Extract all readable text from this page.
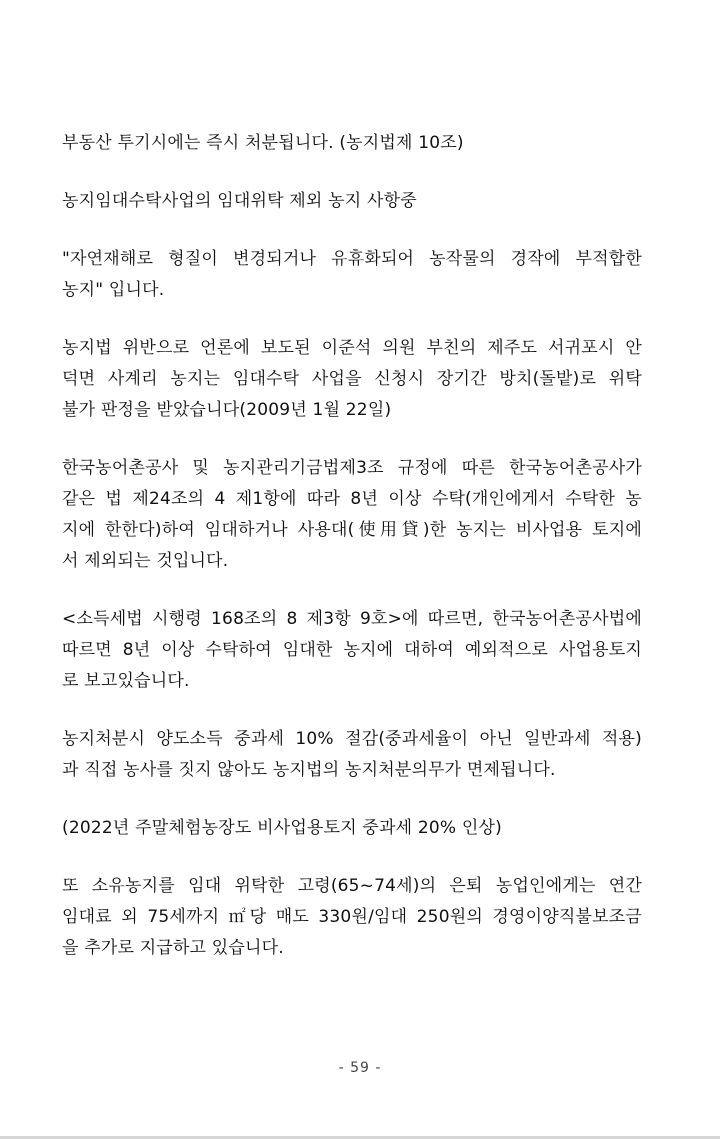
부동산 투기시에는 즉시 처분됩니다. (농지법제 10조)

농지임대수탁사업의 임대위탁 제외 농지 사항중

"자연재해로 형질이 변경되거나 유휴화되어 농작물의 경작에 부적합한
농지" 입니다.

농지법 위반으로 언론에 보도된 이준석 의원 부친의 제주도 서귀포시 안
덕면 사계리 농지는 임대수탁 사업을 신청시 장기간 방치(돌밭)로 위탁
불가 판정을 받았습니다(2009년 1월 22일)

한국농어촌공사 및 농지관리기금법제3조 규정에 따른 한국농어촌공사가
같은 법 제24조의 4 제1항에 따라 8년 이상 수탁(개인에게서 수탁한 농
지에 한한다)하여 임대하거나 사용대(使用貸)한 농지는 비사업용 토지에
서 제외되는 것입니다.

<소득세법 시행령 168조의 8 제3항 9호>에 따르면, 한국농어촌공사법에
따르면 8년 이상 수탁하여 임대한 농지에 대하여 예외적으로 사업용토지
로 보고있습니다.

농지처분시 양도소득 중과세 10% 절감(중과세율이 아닌 일반과세 적용)
과 직접 농사를 짓지 않아도 농지법의 농지처분의무가 면제됩니다.

(2022년 주말체험농장도 비사업용토지 중과세 20% 인상)

또 소유농지를 임대 위탁한 고령(65~74세)의 은퇴 농업인에게는 연간
임대료 외 75세까지 ㎡당 매도 330원/임대 250원의 경영이양직불보조금
을 추가로 지급하고 있습니다.

- 59 -
